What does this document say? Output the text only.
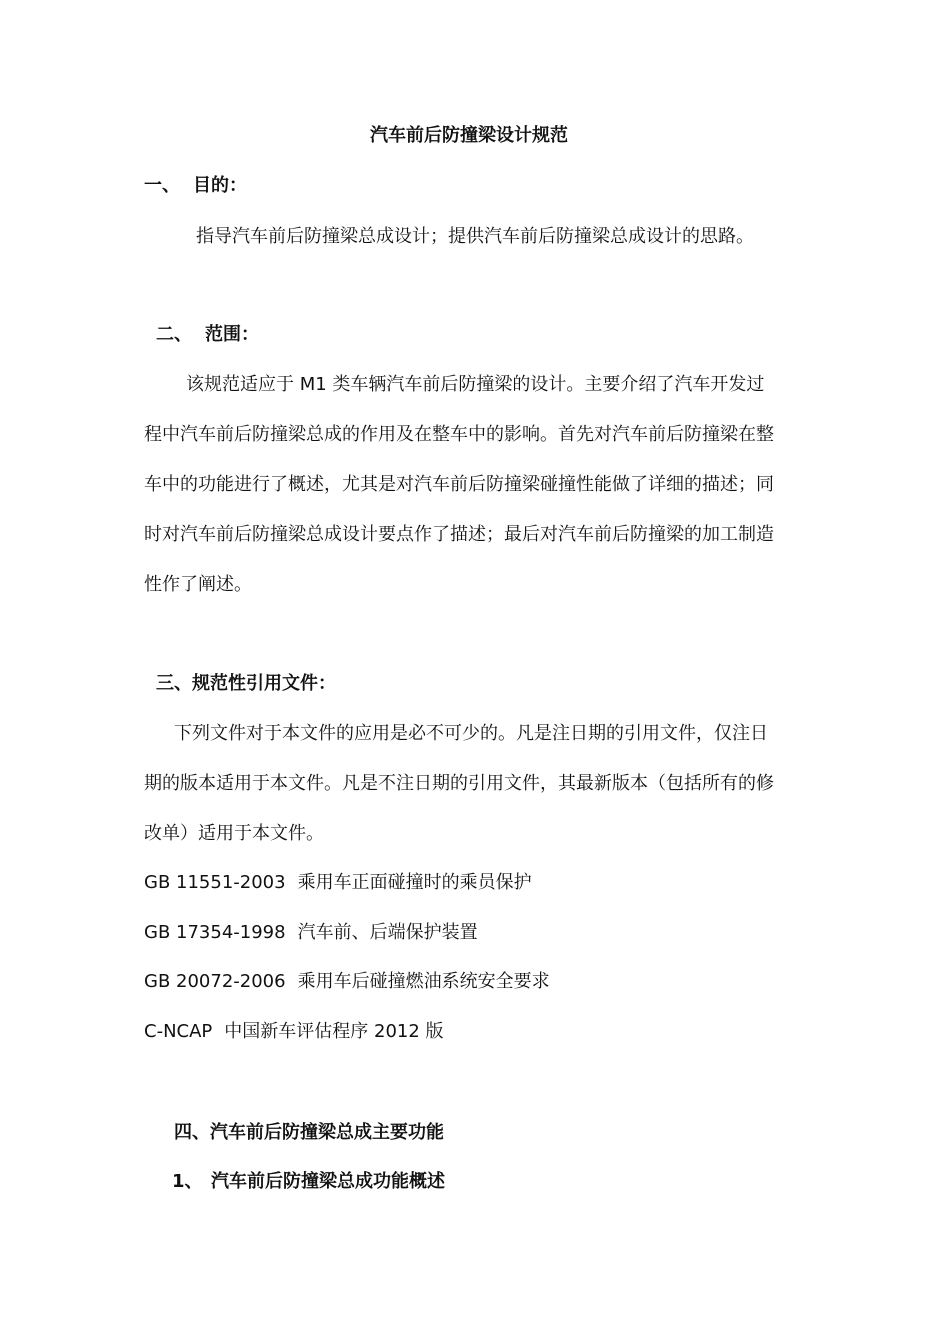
汽车前后防撞梁设计规范
一、 目的：
指导汽车前后防撞梁总成设计；提供汽车前后防撞梁总成设计的思路。
二、 范围：
该规范适应于 M1 类车辆汽车前后防撞梁的设计。主要介绍了汽车开发过
程中汽车前后防撞梁总成的作用及在整车中的影响。首先对汽车前后防撞梁在整
车中的功能进行了概述，尤其是对汽车前后防撞梁碰撞性能做了详细的描述；同
时对汽车前后防撞梁总成设计要点作了描述；最后对汽车前后防撞梁的加工制造
性作了阐述。
三、规范性引用文件：
下列文件对于本文件的应用是必不可少的。凡是注日期的引用文件，仅注日
期的版本适用于本文件。凡是不注日期的引用文件，其最新版本（包括所有的修
改单）适用于本文件。
GB 11551-2003 乘用车正面碰撞时的乘员保护
GB 17354-1998 汽车前、后端保护装置
GB 20072-2006 乘用车后碰撞燃油系统安全要求
C-NCAP 中国新车评估程序 2012 版
四、汽车前后防撞梁总成主要功能
1、 汽车前后防撞梁总成功能概述
